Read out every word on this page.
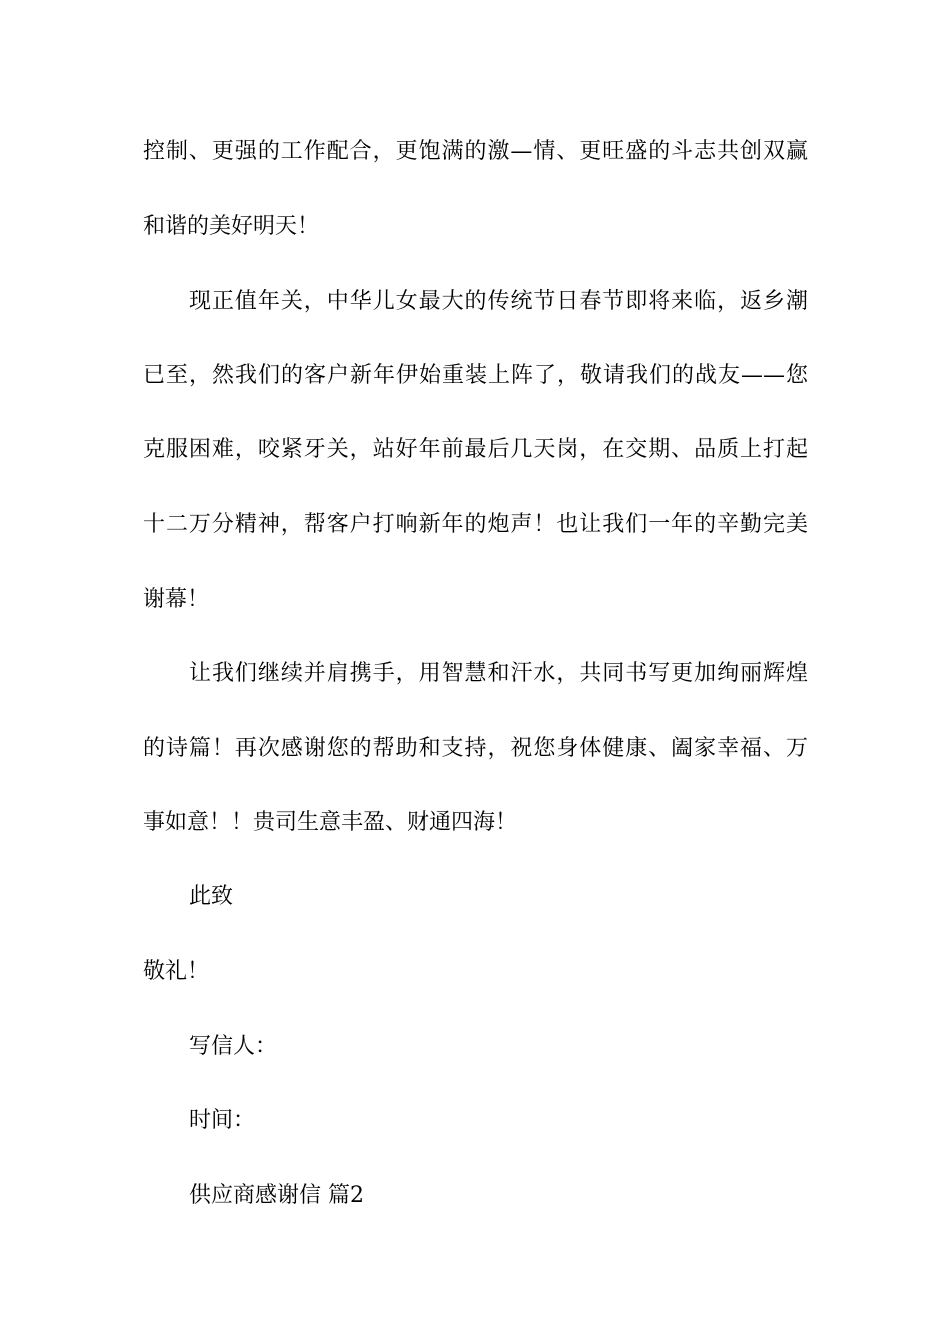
控制、更强的工作配合，更饱满的激—情、更旺盛的斗志共创双赢
和谐的美好明天！
现正值年关，中华儿女最大的传统节日春节即将来临，返乡潮
已至，然我们的客户新年伊始重装上阵了，敬请我们的战友——您
克服困难，咬紧牙关，站好年前最后几天岗，在交期、品质上打起
十二万分精神，帮客户打响新年的炮声！也让我们一年的辛勤完美
谢幕！
让我们继续并肩携手，用智慧和汗水，共同书写更加绚丽辉煌
的诗篇！再次感谢您的帮助和支持，祝您身体健康、阖家幸福、万
事如意！！贵司生意丰盈、财通四海！
此致
敬礼！
写信人：
时间：
供应商感谢信 篇2
